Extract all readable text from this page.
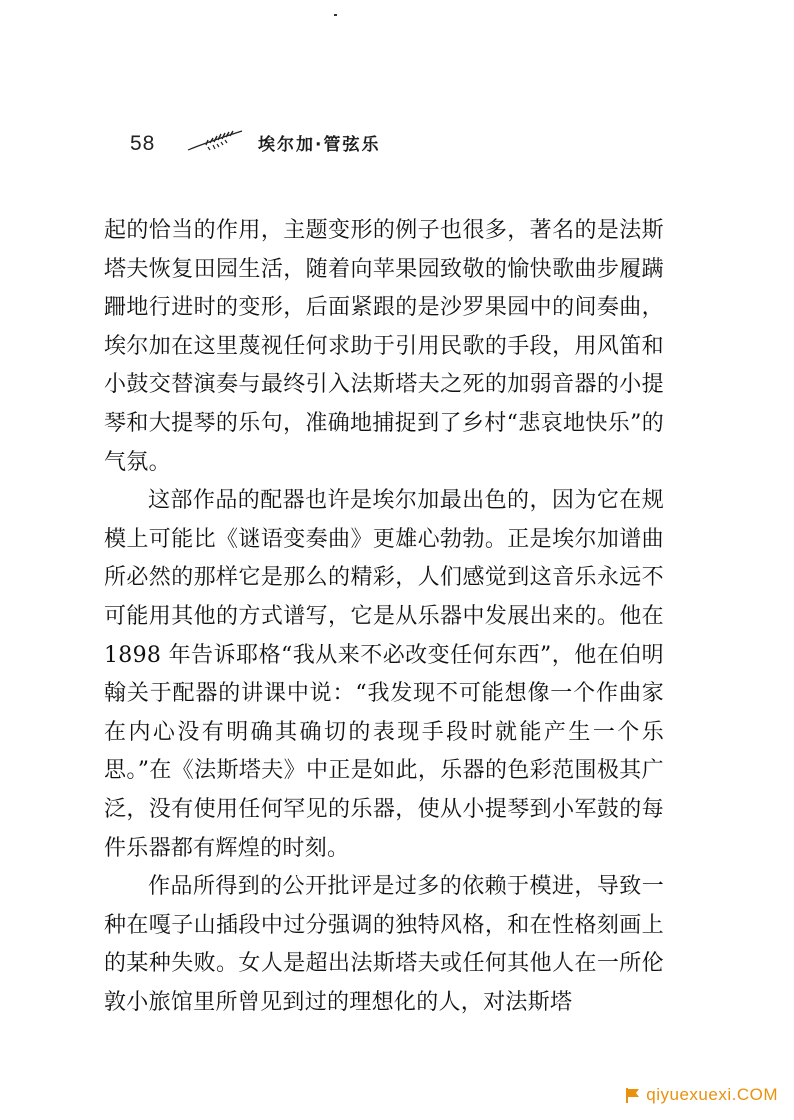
58	埃尔加·管弦乐

起的恰当的作用，主题变形的例子也很多，著名的是法斯塔夫恢复田园生活，随着向苹果园致敬的愉快歌曲步履蹒跚地行进时的变形，后面紧跟的是沙罗果园中的间奏曲，埃尔加在这里蔑视任何求助于引用民歌的手段，用风笛和小鼓交替演奏与最终引入法斯塔夫之死的加弱音器的小提琴和大提琴的乐句，准确地捕捉到了乡村“悲哀地快乐”的气氛。

这部作品的配器也许是埃尔加最出色的，因为它在规模上可能比《谜语变奏曲》更雄心勃勃。正是埃尔加谱曲所必然的那样它是那么的精彩，人们感觉到这音乐永远不可能用其他的方式谱写，它是从乐器中发展出来的。他在 1898 年告诉耶格“我从来不必改变任何东西”，他在伯明翰关于配器的讲课中说：“我发现不可能想像一个作曲家在内心没有明确其确切的表现手段时就能产生一个乐思。”在《法斯塔夫》中正是如此，乐器的色彩范围极其广泛，没有使用任何罕见的乐器，使从小提琴到小军鼓的每件乐器都有辉煌的时刻。

作品所得到的公开批评是过多的依赖于模进，导致一种在嘎子山插段中过分强调的独特风格，和在性格刻画上的某种失败。女人是超出法斯塔夫或任何其他人在一所伦敦小旅馆里所曾见到过的理想化的人，对法斯塔

qiyuexuexi.COM
